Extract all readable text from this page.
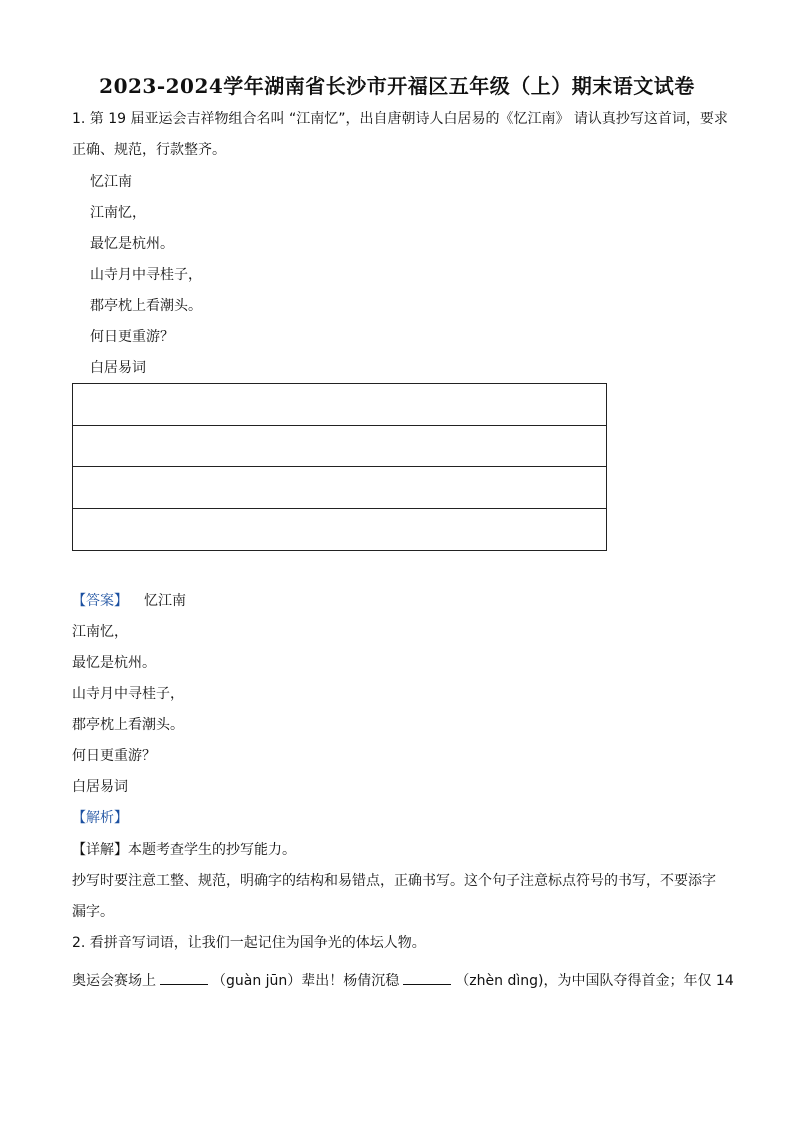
2023-2024学年湖南省长沙市开福区五年级（上）期末语文试卷
1. 第 19 届亚运会吉祥物组合名叫 “江南忆”，出自唐朝诗人白居易的《忆江南》 请认真抄写这首词，要求
正确、规范，行款整齐。
忆江南
江南忆，
最忆是杭州。
山寺月中寻桂子，
郡亭枕上看潮头。
何日更重游？
白居易词
【答案】 忆江南
江南忆，
最忆是杭州。
山寺月中寻桂子，
郡亭枕上看潮头。
何日更重游？
白居易词
【解析】
【详解】本题考查学生的抄写能力。
抄写时要注意工整、规范，明确字的结构和易错点，正确书写。这个句子注意标点符号的书写，不要添字
漏字。
2. 看拼音写词语，让我们一起记住为国争光的体坛人物。
奥运会赛场上	（guàn jūn）辈出！杨倩沉稳	（zhèn dìng)，为中国队夺得首金；年仅 14
